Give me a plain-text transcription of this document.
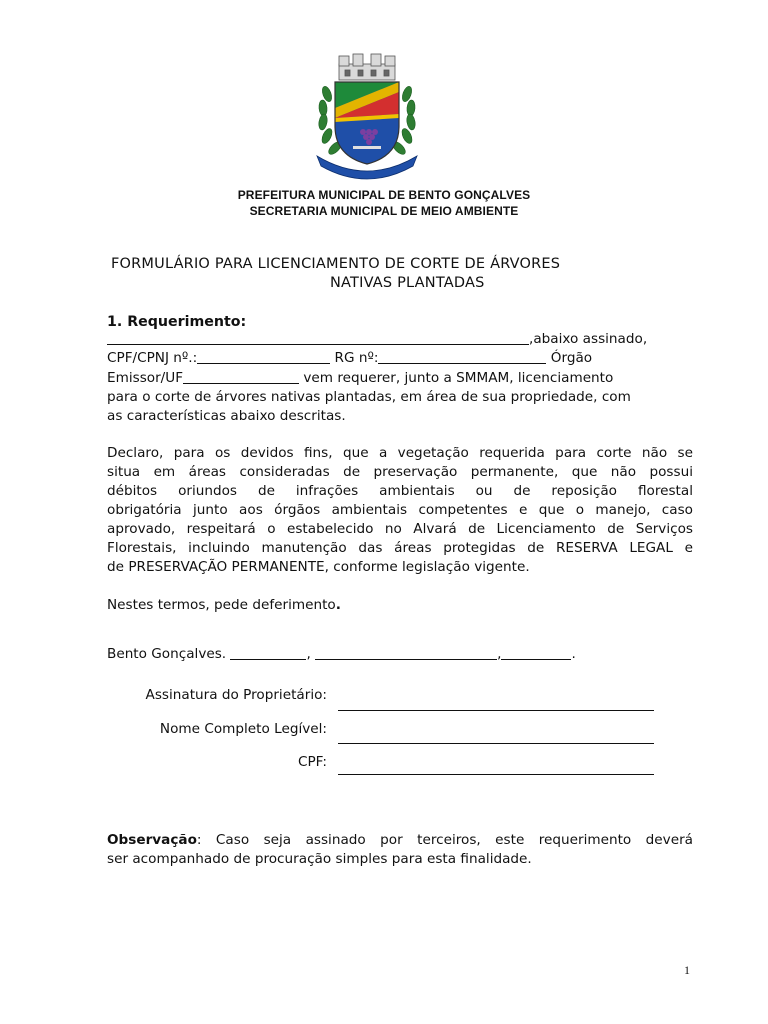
PREFEITURA MUNICIPAL DE BENTO GONÇALVES
SECRETARIA MUNICIPAL DE MEIO AMBIENTE
FORMULÁRIO PARA LICENCIAMENTO DE CORTE DE ÁRVORES
NATIVAS PLANTADAS
1. Requerimento:
,abaixo assinado,
CPF/CPNJ nº.:	RG nº:	Órgão
Emissor/UF	vem requerer, junto a SMMAM, licenciamento
para o corte de árvores nativas plantadas, em área de sua propriedade, com
as características abaixo descritas.
Declaro, para os devidos fins, que a vegetação requerida para corte não se
situa em áreas consideradas de preservação permanente, que não possui
débitos oriundos de infrações ambientais ou de reposição florestal
obrigatória junto aos órgãos ambientais competentes e que o manejo, caso
aprovado, respeitará o estabelecido no Alvará de Licenciamento de Serviços
Florestais, incluindo manutenção das áreas protegidas de RESERVA LEGAL e
de PRESERVAÇÃO PERMANENTE, conforme legislação vigente.
Nestes termos, pede deferimento.
Bento Gonçalves.	,	,	.
Assinatura do Proprietário:
Nome Completo Legível:
CPF:
Observação: Caso seja assinado por terceiros, este requerimento deverá
ser acompanhado de procuração simples para esta finalidade.
1
